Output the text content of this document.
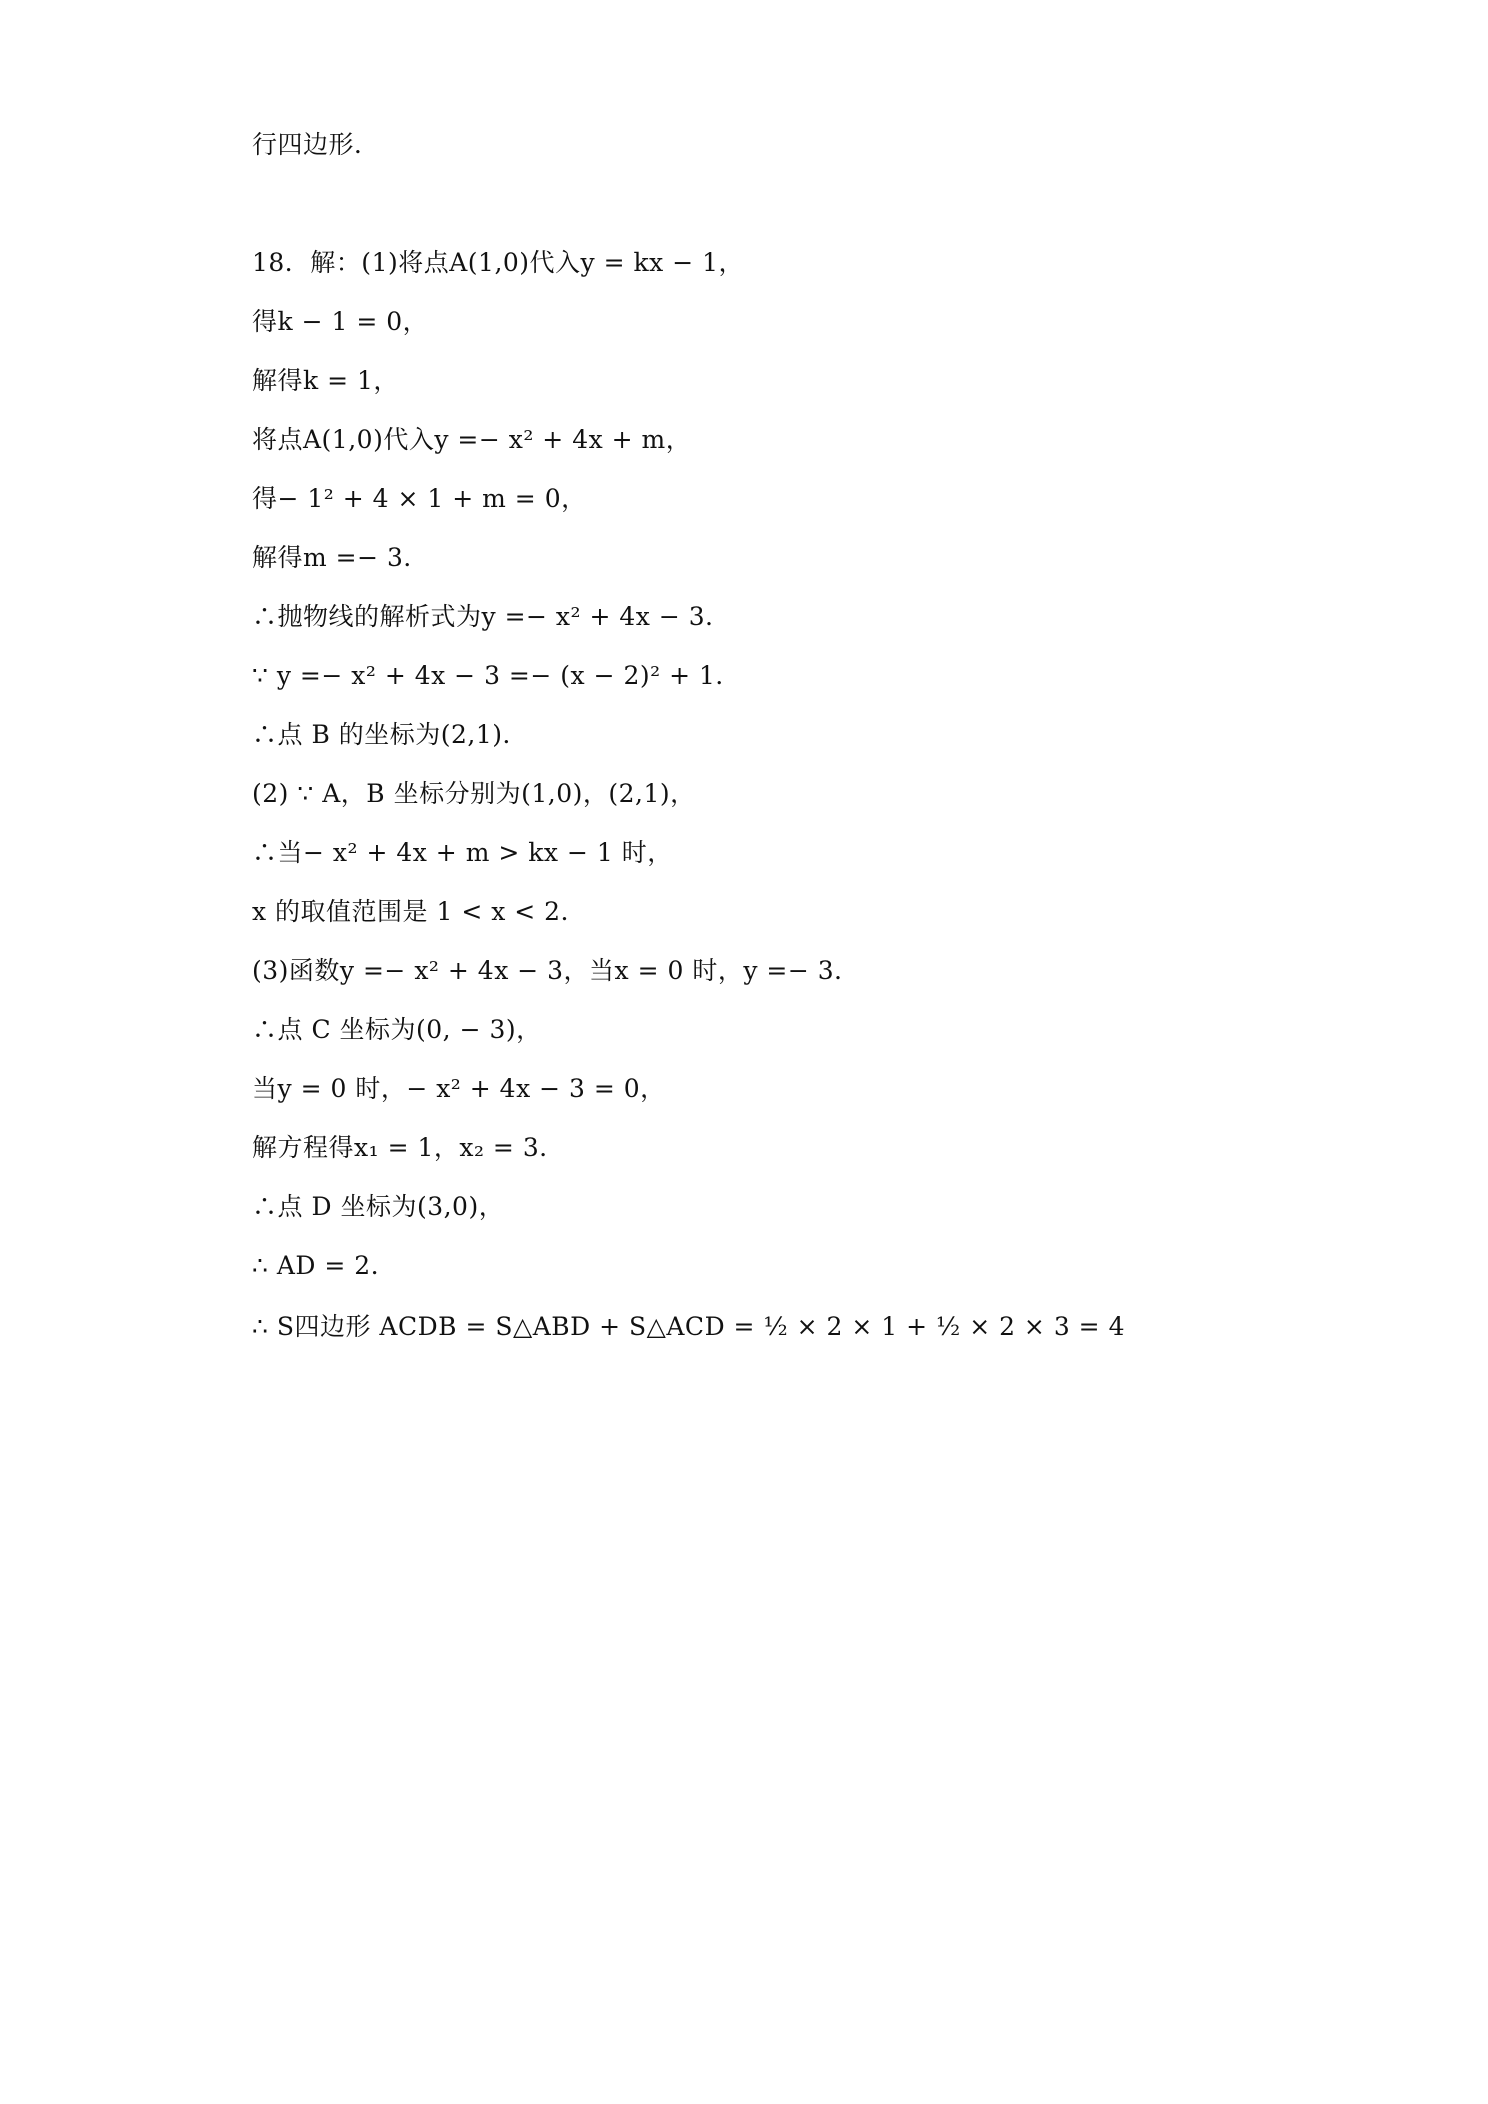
行四边形．
18．解：(1)将点A(1,0)代入y = kx − 1，
得k − 1 = 0，
解得k = 1，
将点A(1,0)代入y =− x² + 4x + m，
得− 1² + 4 × 1 + m = 0，
解得m =− 3．
∴抛物线的解析式为y =− x² + 4x − 3．
∵ y =− x² + 4x − 3 =− (x − 2)² + 1．
∴点 B 的坐标为(2,1)．
(2) ∵ A，B 坐标分别为(1,0)，(2,1)，
∴当− x² + 4x + m > kx − 1 时，
x 的取值范围是 1 < x < 2．
(3)函数y =− x² + 4x − 3，当x = 0 时，y =− 3．
∴点 C 坐标为(0, − 3)，
当y = 0 时，− x² + 4x − 3 = 0，
解方程得x₁ = 1，x₂ = 3．
∴点 D 坐标为(3,0)，
∴ AD = 2．
∴ S四边形 ACDB = S△ABD + S△ACD = ½ × 2 × 1 + ½ × 2 × 3 = 4
